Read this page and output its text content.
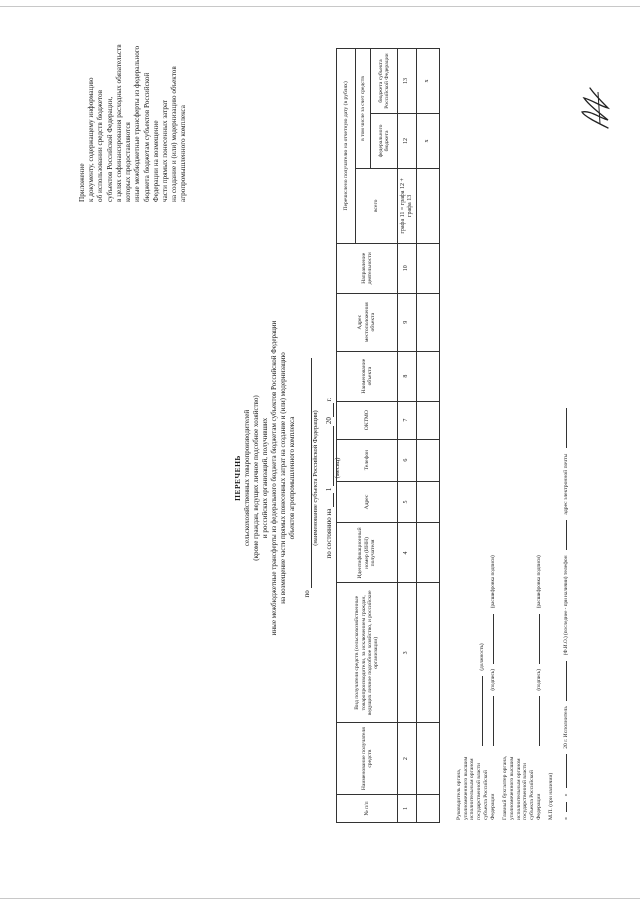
Приложение к документу, содержащему информацию об использовании средств бюджетов субъектов Российской Федерации, в целях софинансирования расходных обязательств которых предоставляются иные межбюджетные трансферты из федерального бюджета бюджетам субъектов Российской Федерации на возмещение части прямых понесенных затрат на создание и (или) модернизацию объектов агропромышленного комплекса
ПЕРЕЧЕНЬ сельскохозяйственных товаропроизводителей (кроме граждан, ведущих личное подсобное хозяйство) и российских организаций, получивших иные межбюджетные трансферты из федерального бюджета бюджетам субъектов Российской Федерации на возмещение части прямых понесенных затрат на создание и (или) модернизацию объектов агропромышленного комплекса
по
(наименование субъекта Российской Федерации) по состоянию на  1  20 г.
(месяц)
№ п/п	Наименование получателя средств	Вид получателя средств (сельскохозяйственные товаропроизводители, за исключением граждан, ведущих личное подсобное хозяйство, и российские организации)	Идентификационный номер (ИНН) получателя	Адрес	Телефон	ОКТМО	Наименование объекта	Адрес местоположения объекта	Направление деятельности	Перечислено получателю на отчетную дату (в рублях)		
										всего	в том числе за счет средств	
											федерального бюджета	бюджета субъекта Российской Федерации
1	2	3	4	5	6	7	8	9	10	графа 11 = графа 12 + графа 13	12	13
											х	х
Руководитель органа, уполномоченного высшим исполнительным органом государственной власти субъекта Российской Федерации
(должность)
(подпись)  (расшифровка подписи)
Главный бухгалтер органа, уполномоченного высшим исполнительным органом государственной власти субъекта Российской Федерации
(подпись)  (расшифровка подписи)
М.П. (при наличии) «  »  20 г. Исполнитель  (Ф.И.О.) (последнее - при наличии) телефон  адрес электронной почты
